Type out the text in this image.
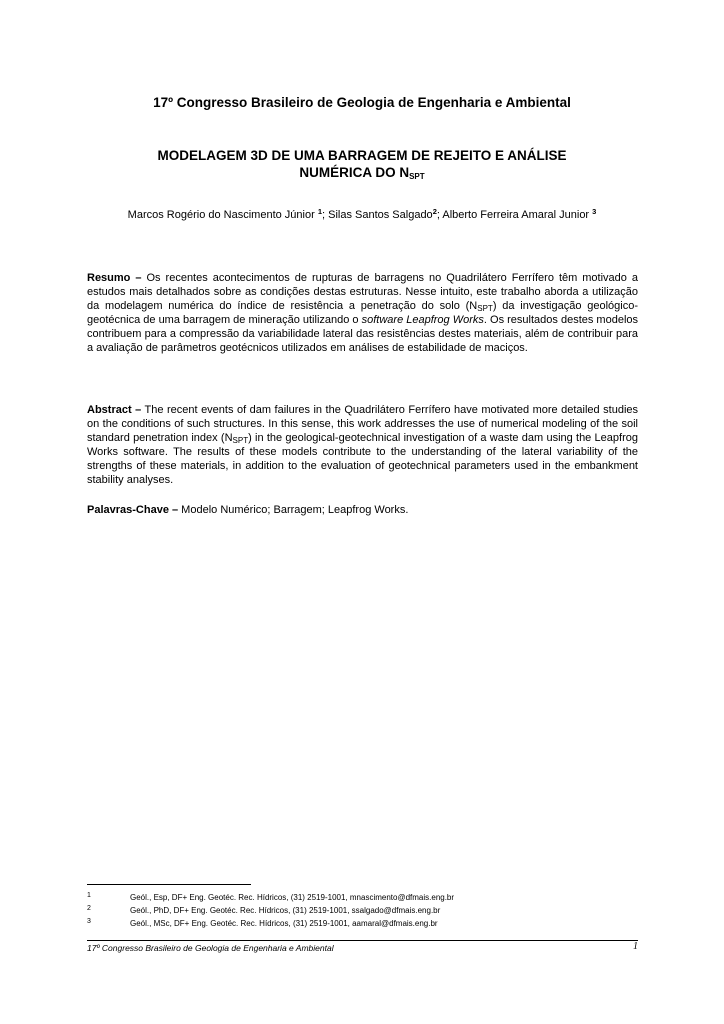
17º Congresso Brasileiro de Geologia de Engenharia e Ambiental
MODELAGEM 3D DE UMA BARRAGEM DE REJEITO E ANÁLISE
NUMÉRICA DO $N_{SPT}$
Marcos Rogério do Nascimento Júnior $^1$; Silas Santos Salgado$^2$; Alberto Ferreira Amaral Junior $^3$
Resumo – Os recentes acontecimentos de rupturas de barragens no Quadrilátero Ferrífero têm motivado a estudos mais detalhados sobre as condições destas estruturas. Nesse intuito, este trabalho aborda a utilização da modelagem numérica do índice de resistência a penetração do solo $(N_{SPT})$ da investigação geológico-geotécnica de uma barragem de mineração utilizando o software Leapfrog Works. Os resultados destes modelos contribuem para a compressão da variabilidade lateral das resistências destes materiais, além de contribuir para a avaliação de parâmetros geotécnicos utilizados em análises de estabilidade de maciços.
Abstract – The recent events of dam failures in the Quadrilátero Ferrífero have motivated more detailed studies on the conditions of such structures. In this sense, this work addresses the use of numerical modeling of the soil standard penetration index $(N_{SPT})$ in the geological-geotechnical investigation of a waste dam using the Leapfrog Works software. The results of these models contribute to the understanding of the lateral variability of the strengths of these materials, in addition to the evaluation of geotechnical parameters used in the embankment stability analyses.
Palavras-Chave – Modelo Numérico; Barragem; Leapfrog Works.
1	Geól., Esp, DF+ Eng. Geotéc. Rec. Hídricos, (31) 2519-1001, mnascimento@dfmais.eng.br
2	Geól., PhD, DF+ Eng. Geotéc. Rec. Hídricos, (31) 2519-1001, ssalgado@dfmais.eng.br
3	Geól., MSc, DF+ Eng. Geotéc. Rec. Hídricos, (31) 2519-1001, aamaral@dfmais.eng.br
17º Congresso Brasileiro de Geologia de Engenharia e Ambiental	1
